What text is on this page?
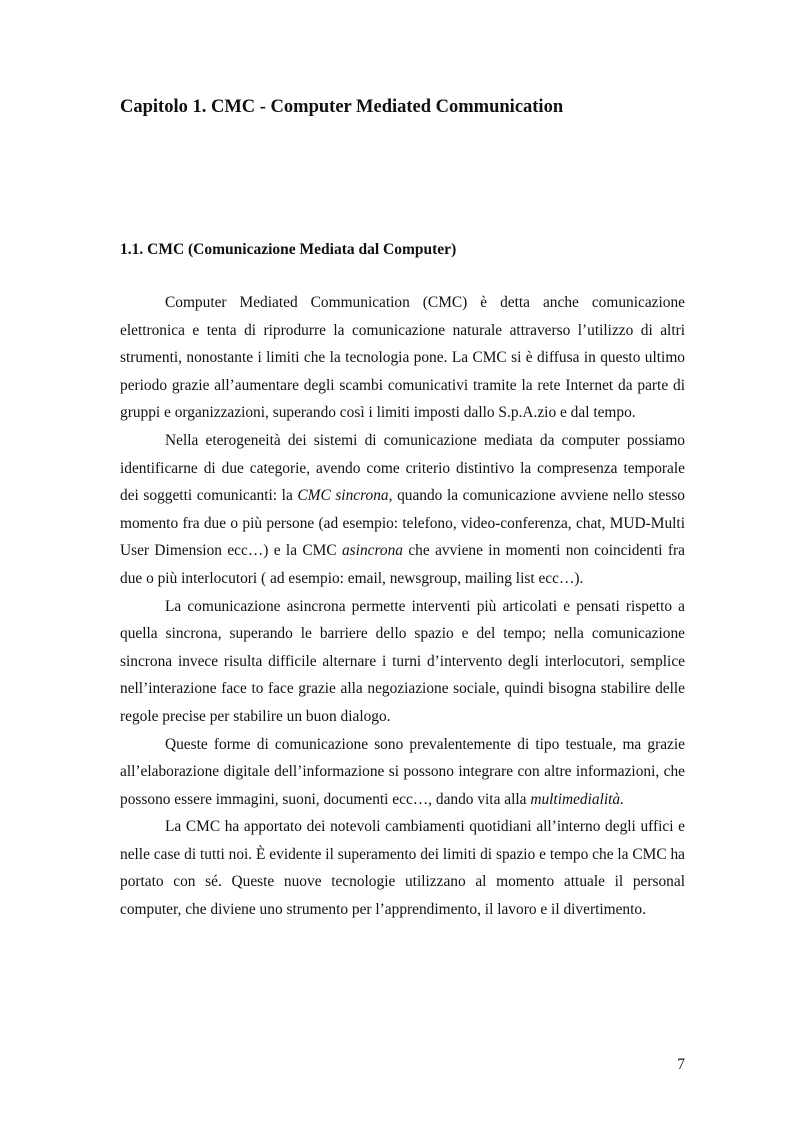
Capitolo 1. CMC - Computer Mediated Communication
1.1. CMC (Comunicazione Mediata dal Computer)

Computer Mediated Communication (CMC) è detta anche comunicazione elettronica e tenta di riprodurre la comunicazione naturale attraverso l’utilizzo di altri strumenti, nonostante i limiti che la tecnologia pone. La CMC si è diffusa in questo ultimo periodo grazie all’aumentare degli scambi comunicativi tramite la rete Internet da parte di gruppi e organizzazioni, superando così i limiti imposti dallo S.p.A.zio e dal tempo.

Nella eterogeneità dei sistemi di comunicazione mediata da computer possiamo identificarne di due categorie, avendo come criterio distintivo la compresenza temporale dei soggetti comunicanti: la CMC sincrona, quando la comunicazione avviene nello stesso momento fra due o più persone (ad esempio: telefono, video-conferenza, chat, MUD-Multi User Dimension ecc…) e la CMC asincrona che avviene in momenti non coincidenti fra due o più interlocutori ( ad esempio: email, newsgroup, mailing list ecc…).

La comunicazione asincrona permette interventi più articolati e pensati rispetto a quella sincrona, superando le barriere dello spazio e del tempo; nella comunicazione sincrona invece risulta difficile alternare i turni d’intervento degli interlocutori, semplice nell’interazione face to face grazie alla negoziazione sociale, quindi bisogna stabilire delle regole precise per stabilire un buon dialogo.

Queste forme di comunicazione sono prevalentemente di tipo testuale, ma grazie all’elaborazione digitale dell’informazione si possono integrare con altre informazioni, che possono essere immagini, suoni, documenti ecc…, dando vita alla multimedialità.

La CMC ha apportato dei notevoli cambiamenti quotidiani all’interno degli uffici e nelle case di tutti noi. È evidente il superamento dei limiti di spazio e tempo che la CMC ha portato con sé. Queste nuove tecnologie utilizzano al momento attuale il personal computer, che diviene uno strumento per l’apprendimento, il lavoro e il divertimento.

7
